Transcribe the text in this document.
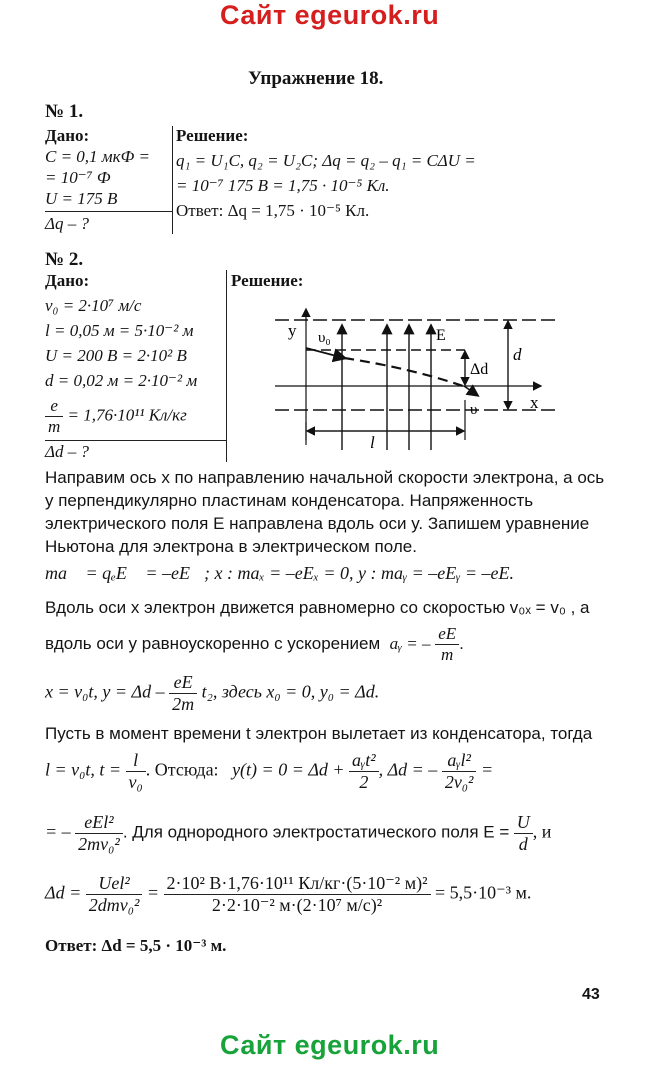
Сайт egeurok.ru
Упражнение 18.
№ 1.
Дано:
C = 0,1 мкФ =
= 10⁻⁷ Ф
U = 175 В
Δq – ?
Решение:
q₁ = U₁C, q₂ = U₂C; Δq = q₂ – q₁ = CΔU =
= 10⁻⁷ 175 В = 1,75 · 10⁻⁵ Кл.
Ответ: Δq = 1,75 · 10⁻⁵ Кл.
№ 2.
Дано:
v₀ = 2·10⁷ м/с
l = 0,05 м = 5·10⁻² м
U = 200 В = 2·10² В
d = 0,02 м = 2·10⁻² м
$\frac{e}{m} = 1,76\cdot 10^{11}$ Кл/кг
Δd – ?
Решение:
y
x
υ₀	E
υ
Δd
d
l
Направим ось x по направлению начальной скорости электрона, а ось y перпендикулярно пластинам конденсатора. Напряженность электрического поля E направлена вдоль оси y. Запишем уравнение Ньютона для электрона в электрическом поле.
ma⃗ = qₑE⃗ = –eE⃗; x : maₓ = –eEₓ = 0, y : maᵧ = –eEᵧ = –eE.
Вдоль оси x электрон движется равномерно со скоростью v₀ₓ = v₀ , а
вдоль оси y равноускоренно с ускорением aᵧ = – $\frac{eE}{m}$ .
x = v₀t, $y = \Delta d - \frac{eE}{2m} t_2$, здесь x₀ = 0, y₀ = Δd.
Пусть в момент времени t электрон вылетает из конденсатора, тогда
l = v₀t, $t = \frac{l}{\text{v₀}}$ . Отсюда: $y(t) = 0 = \Delta d + \frac{\text{aᵧt²}}{2}$ , Δd = – $\frac{\text{aᵧl²}}{\text{2v₀²}}$ =
= – $\frac{\text{eEl²}}{\text{2mv₀²}}$ . Для однородного электростатического поля $E = \frac{U}{d}$ , и
$\Delta d = \frac{\text{Uel²}}{\text{2dmv₀²}} = \frac{\text{2·10² В·1,76·10¹¹ Кл/кг·(5·10⁻² м)²}}{\text{2·2·10⁻² м·(2·10⁷ м/с)²}} = 5,5\cdot 10^{-3}$ м.
Ответ: Δd = 5,5 · 10⁻³ м.
43
Сайт egeurok.ru
